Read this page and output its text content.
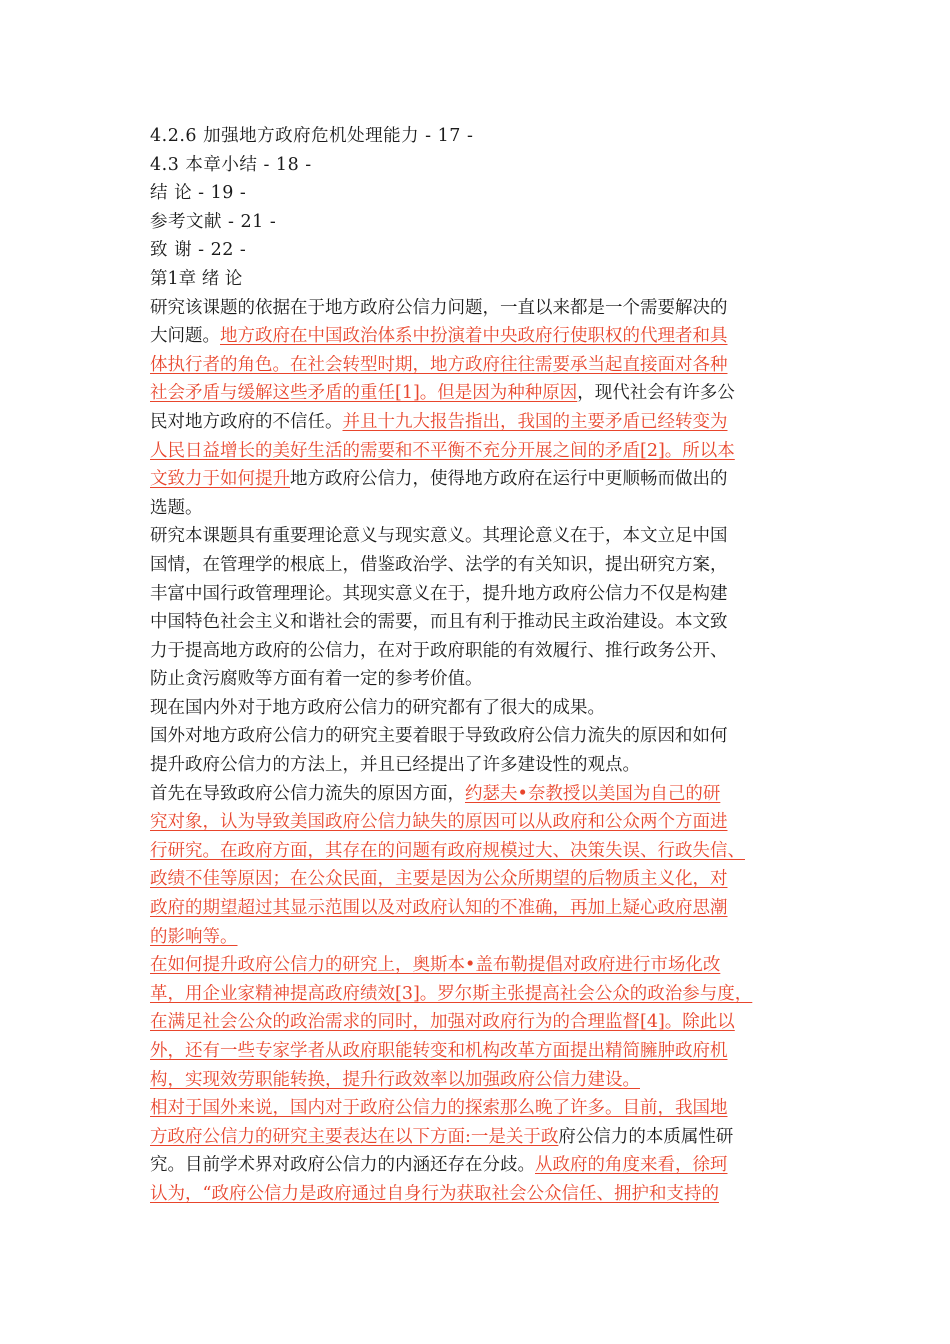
4.2.6 加强地方政府危机处理能力 - 17 -
4.3 本章小结 - 18 -
结 论 - 19 -
参考文献 - 21 -
致 谢 - 22 -
第1章 绪 论
研究该课题的依据在于地方政府公信力问题，一直以来都是一个需要解决的
大问题。地方政府在中国政治体系中扮演着中央政府行使职权的代理者和具
体执行者的角色。在社会转型时期，地方政府往往需要承当起直接面对各种
社会矛盾与缓解这些矛盾的重任[1]。但是因为种种原因，现代社会有许多公
民对地方政府的不信任。并且十九大报告指出，我国的主要矛盾已经转变为
人民日益增长的美好生活的需要和不平衡不充分开展之间的矛盾[2]。所以本
文致力于如何提升地方政府公信力，使得地方政府在运行中更顺畅而做出的
选题。
研究本课题具有重要理论意义与现实意义。其理论意义在于，本文立足中国
国情，在管理学的根底上，借鉴政治学、法学的有关知识，提出研究方案，
丰富中国行政管理理论。其现实意义在于，提升地方政府公信力不仅是构建
中国特色社会主义和谐社会的需要，而且有利于推动民主政治建设。本文致
力于提高地方政府的公信力，在对于政府职能的有效履行、推行政务公开、
防止贪污腐败等方面有着一定的参考价值。
现在国内外对于地方政府公信力的研究都有了很大的成果。
国外对地方政府公信力的研究主要着眼于导致政府公信力流失的原因和如何
提升政府公信力的方法上，并且已经提出了许多建设性的观点。
首先在导致政府公信力流失的原因方面，约瑟夫•奈教授以美国为自己的研
究对象，认为导致美国政府公信力缺失的原因可以从政府和公众两个方面进
行研究。在政府方面，其存在的问题有政府规模过大、决策失误、行政失信、
政绩不佳等原因；在公众民面，主要是因为公众所期望的后物质主义化，对
政府的期望超过其显示范围以及对政府认知的不准确，再加上疑心政府思潮
的影响等。
在如何提升政府公信力的研究上，奥斯本•盖布勒提倡对政府进行市场化改
革，用企业家精神提高政府绩效[3]。罗尔斯主张提高社会公众的政治参与度，
在满足社会公众的政治需求的同时，加强对政府行为的合理监督[4]。除此以
外，还有一些专家学者从政府职能转变和机构改革方面提出精简臃肿政府机
构，实现效劳职能转换，提升行政效率以加强政府公信力建设。
相对于国外来说，国内对于政府公信力的探索那么晚了许多。目前，我国地
方政府公信力的研究主要表达在以下方面:一是关于政府公信力的本质属性研
究。目前学术界对政府公信力的内涵还存在分歧。从政府的角度来看，徐珂
认为，“政府公信力是政府通过自身行为获取社会公众信任、拥护和支持的
